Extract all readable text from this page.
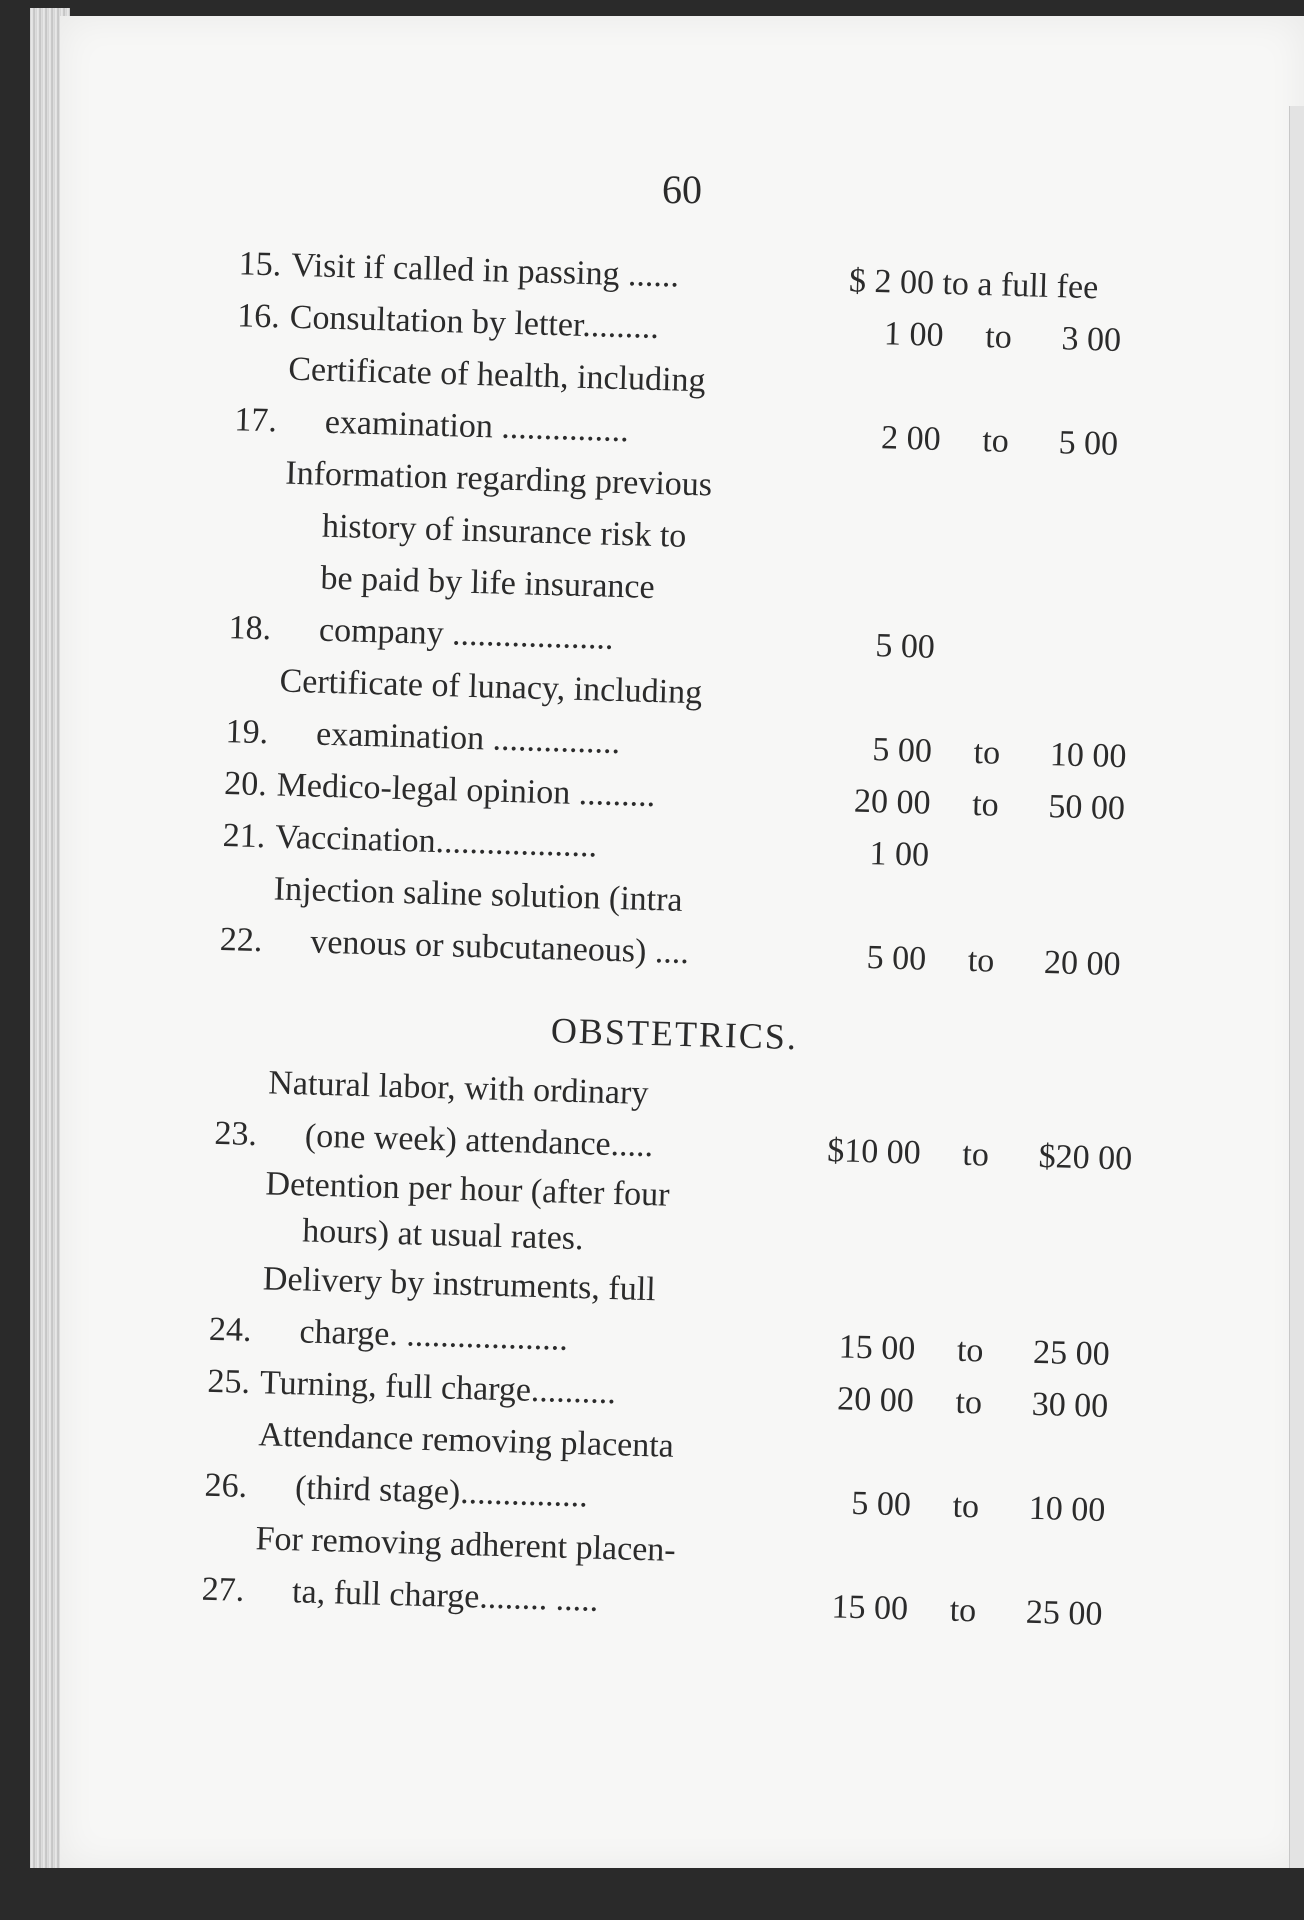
60
15. Visit if called in passing ......	$ 2 00 to a full fee
16. Consultation by letter.........	1 00	to	3 00
17.
Certificate of health, including
examination ...............	2 00	to	5 00
18.
Information regarding previous
history of insurance risk to
be paid by life insurance
company ...................	5 00
19.
Certificate of lunacy, including
examination ...............	5 00	to	10 00
20. Medico-legal opinion .........	20 00	to	50 00
21. Vaccination...................	1 00
22.
Injection saline solution (intra
venous or subcutaneous) ....	5 00	to	20 00
OBSTETRICS.
23.
Natural labor, with ordinary
(one week) attendance.....	$10 00	to	$20 00
Detention per hour (after four
hours) at usual rates.
24.
Delivery by instruments, full
charge. ...................	15 00	to	25 00
25. Turning, full charge..........	20 00	to	30 00
26.
Attendance removing placenta
(third stage)...............	5 00	to	10 00
27.
For removing adherent placen-
ta, full charge........ .....	15 00	to	25 00
